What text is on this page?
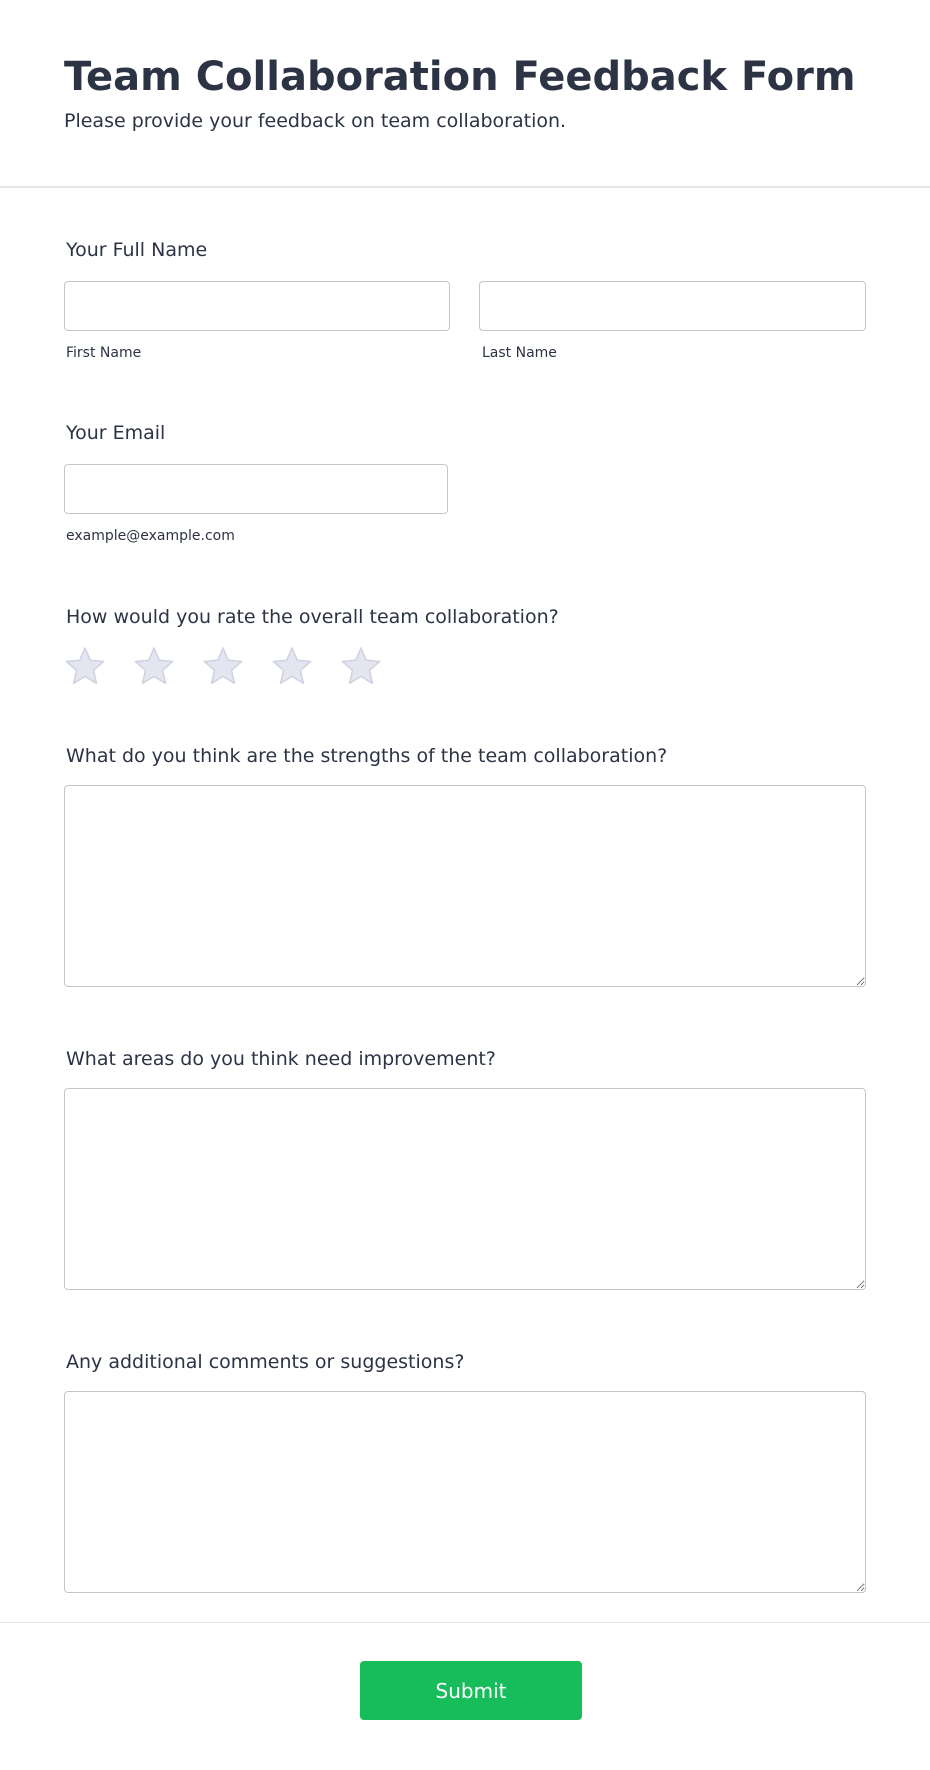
Team Collaboration Feedback Form

Please provide your feedback on team collaboration.

Your Full Name
First Name	Last Name
Your Email
example@example.com
How would you rate the overall team collaboration?
What do you think are the strengths of the team collaboration?
What areas do you think need improvement?
Any additional comments or suggestions?
Submit
